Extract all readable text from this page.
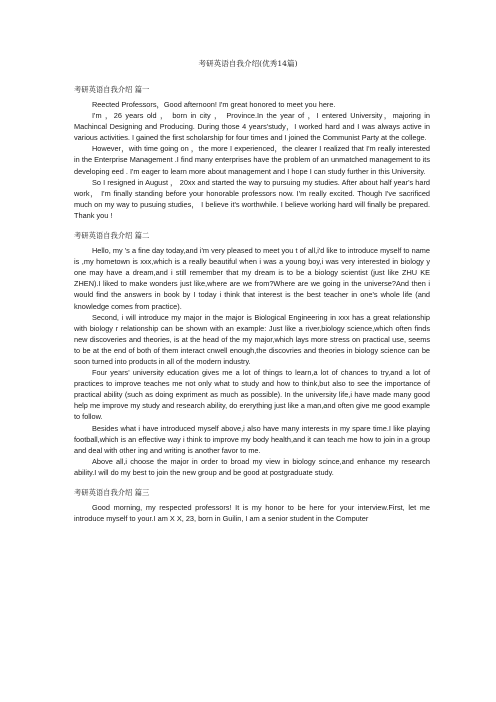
考研英语自我介绍(优秀14篇)
考研英语自我介绍 篇一

Reected Professors，Good afternoon! I'm great honored to meet you here.

I'm ，26 years old ， born in city ， Province.In the year of ，I entered University，majoring in Machincal Designing and Producing. During those 4 years'study，I worked hard and I was always active in various activities. I gained the first scholarship for four times and I joined the Communist Party at the college.

However，with time going on ，the more I experienced，the clearer I realized that I'm really interested in the Enterprise Management .I find many enterprises have the problem of an unmatched management to its developing eed . I'm eager to learn more about management and I hope I can study further in this University.

So I resigned in August ， 20xx and started the way to pursuing my studies. After about half year's hard work， I'm finally standing before your honorable professors now. I'm really excited. Though I've sacrificed much on my way to pusuing studies， I believe it's worthwhile. I believe working hard will finally be prepared. Thank you !

考研英语自我介绍 篇二

Hello, my 's a fine day today,and i'm very pleased to meet you t of all,i'd like to introduce myself to name is ,my hometown is xxx,which is a really beautiful when i was a young boy,i was very interested in biology y one may have a dream,and i still remember that my dream is to be a biology scientist (just like ZHU KE ZHEN).I liked to make wonders just like,where are we from?Where are we going in the universe?And then i would find the answers in book by I today i think that interest is the best teacher in one's whole life (and knowledge comes from practice).

Second, i will introduce my major in the major is Biological Engineering in xxx has a great relationship with biology r relationship can be shown with an example: Just like a river,biology science,which often finds new discoveries and theories, is at the head of the my major,which lays more stress on practical use, seems to be at the end of both of them interact cnwell enough,the discovries and theories in biology science can be soon turned into products in all of the modern industry.

Four years' university education gives me a lot of things to learn,a lot of chances to try,and a lot of practices to improve teaches me not only what to study and how to think,but also to see the importance of practical ability (such as doing expriment as much as possible). In the university life,i have made many good help me improve my study and research ability, do ererything just like a man,and often give me good example to follow.

Besides what i have introduced myself above,i also have many interests in my spare time.I like playing football,which is an effective way i think to improve my body health,and it can teach me how to join in a group and deal with other ing and writing is another favor to me.

Above all,i choose the major in order to broad my view in biology scince,and enhance my research ability.I will do my best to join the new group and be good at postgraduate study.

考研英语自我介绍 篇三

Good morning, my respected professors! It is my honor to be here for your interview.First, let me introduce myself to your.I am X X, 23, born in Guilin, I am a senior student in the Computer
